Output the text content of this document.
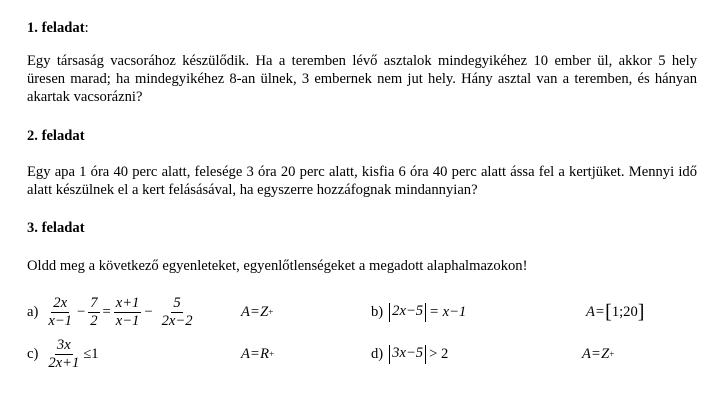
1. feladat:
Egy társaság vacsorához készülődik. Ha a teremben lévő asztalok mindegyikéhez 10 ember ül, akkor 5 hely üresen marad; ha mindegyikéhez 8-an ülnek, 3 embernek nem jut hely. Hány asztal van a teremben, és hányan akartak vacsorázni?
2. feladat
Egy apa 1 óra 40 perc alatt, felesége 3 óra 20 perc alatt, kisfia 6 óra 40 perc alatt ássa fel a kertjüket. Mennyi idő alatt készülnek el a kert felásásával, ha egyszerre hozzáfognak mindannyian?
3. feladat
Oldd meg a következő egyenleteket, egyenlőtlenségeket a megadott alaphalmazokon!
$a) \frac{2x}{x-1} - \frac{7}{2} = \frac{x+1}{x-1} - \frac{5}{2x-2}$	A = Z +	b) 2x−5 = x−1	A = [ 1;20 ]
$c) \frac{3x}{2x+1} \le 1$	A = R +	d) 3x−5 > 2	A = Z +
